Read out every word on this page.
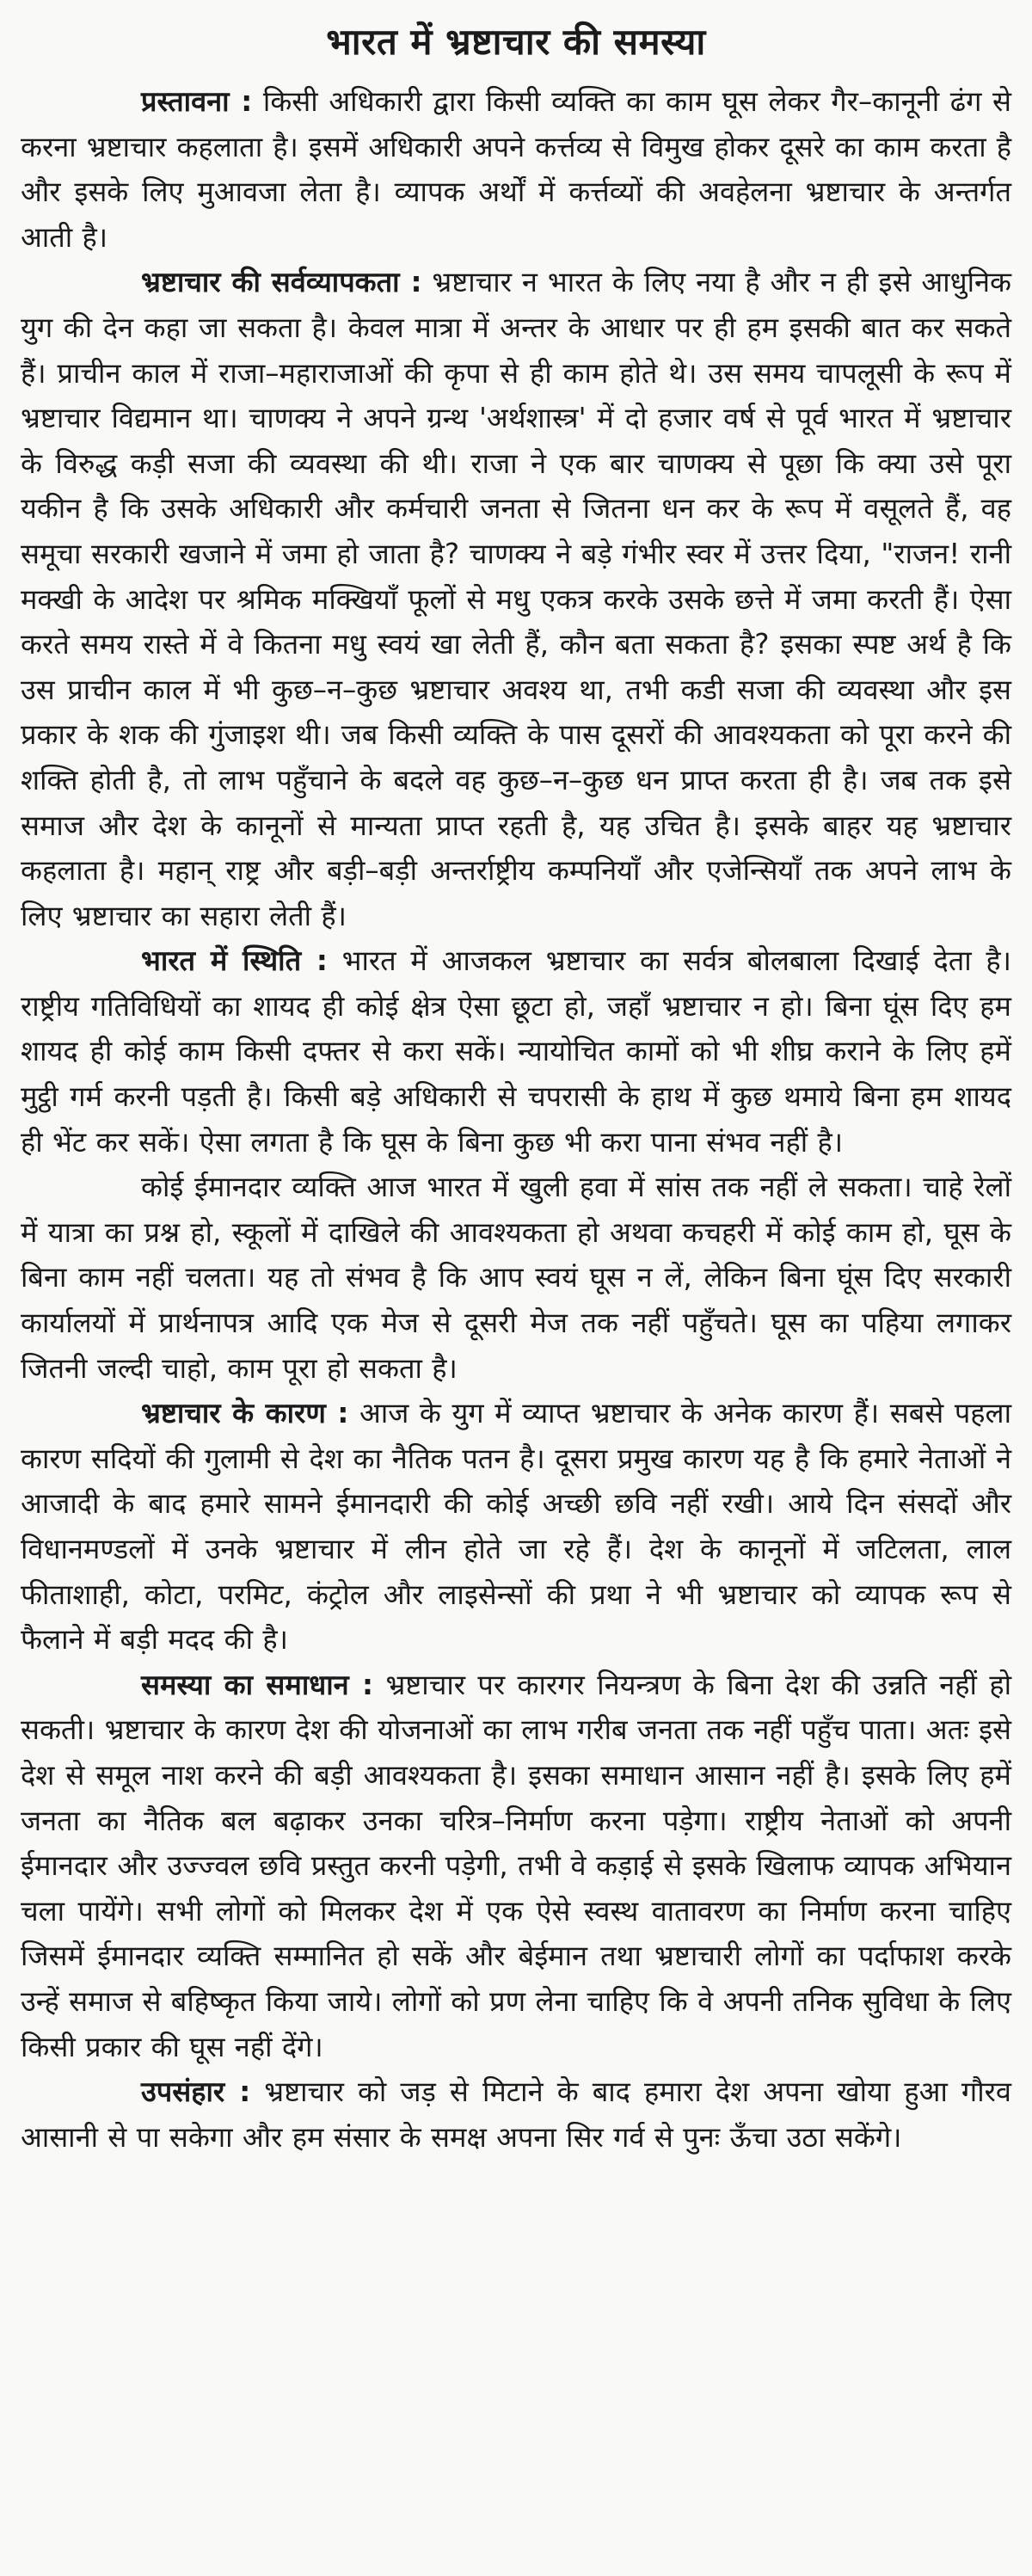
भारत में भ्रष्टाचार की समस्या

प्रस्तावना : किसी अधिकारी द्वारा किसी व्यक्ति का काम घूस लेकर गैर–कानूनी ढंग से करना भ्रष्टाचार कहलाता है। इसमें अधिकारी अपने कर्त्तव्य से विमुख होकर दूसरे का काम करता है और इसके लिए मुआवजा लेता है। व्यापक अर्थों में कर्त्तव्यों की अवहेलना भ्रष्टाचार के अन्तर्गत आती है।

भ्रष्टाचार की सर्वव्यापकता : भ्रष्टाचार न भारत के लिए नया है और न ही इसे आधुनिक युग की देन कहा जा सकता है। केवल मात्रा में अन्तर के आधार पर ही हम इसकी बात कर सकते हैं। प्राचीन काल में राजा–महाराजाओं की कृपा से ही काम होते थे। उस समय चापलूसी के रूप में भ्रष्टाचार विद्यमान था। चाणक्य ने अपने ग्रन्थ 'अर्थशास्त्र' में दो हजार वर्ष से पूर्व भारत में भ्रष्टाचार के विरुद्ध कड़ी सजा की व्यवस्था की थी। राजा ने एक बार चाणक्य से पूछा कि क्या उसे पूरा यकीन है कि उसके अधिकारी और कर्मचारी जनता से जितना धन कर के रूप में वसूलते हैं, वह समूचा सरकारी खजाने में जमा हो जाता है? चाणक्य ने बड़े गंभीर स्वर में उत्तर दिया, "राजन! रानी मक्खी के आदेश पर श्रमिक मक्खियाँ फूलों से मधु एकत्र करके उसके छत्ते में जमा करती हैं। ऐसा करते समय रास्ते में वे कितना मधु स्वयं खा लेती हैं, कौन बता सकता है? इसका स्पष्ट अर्थ है कि उस प्राचीन काल में भी कुछ–न–कुछ भ्रष्टाचार अवश्य था, तभी कडी सजा की व्यवस्था और इस प्रकार के शक की गुंजाइश थी। जब किसी व्यक्ति के पास दूसरों की आवश्यकता को पूरा करने की शक्ति होती है, तो लाभ पहुँचाने के बदले वह कुछ–न–कुछ धन प्राप्त करता ही है। जब तक इसे समाज और देश के कानूनों से मान्यता प्राप्त रहती है, यह उचित है। इसके बाहर यह भ्रष्टाचार कहलाता है। महान् राष्ट्र और बड़ी–बड़ी अन्तर्राष्ट्रीय कम्पनियाँ और एजेन्सियाँ तक अपने लाभ के लिए भ्रष्टाचार का सहारा लेती हैं।

भारत में स्थिति : भारत में आजकल भ्रष्टाचार का सर्वत्र बोलबाला दिखाई देता है। राष्ट्रीय गतिविधियों का शायद ही कोई क्षेत्र ऐसा छूटा हो, जहाँ भ्रष्टाचार न हो। बिना घूंस दिए हम शायद ही कोई काम किसी दफ्तर से करा सकें। न्यायोचित कामों को भी शीघ्र कराने के लिए हमें मुट्ठी गर्म करनी पड़ती है। किसी बड़े अधिकारी से चपरासी के हाथ में कुछ थमाये बिना हम शायद ही भेंट कर सकें। ऐसा लगता है कि घूस के बिना कुछ भी करा पाना संभव नहीं है।

कोई ईमानदार व्यक्ति आज भारत में खुली हवा में सांस तक नहीं ले सकता। चाहे रेलों में यात्रा का प्रश्न हो, स्कूलों में दाखिले की आवश्यकता हो अथवा कचहरी में कोई काम हो, घूस के बिना काम नहीं चलता। यह तो संभव है कि आप स्वयं घूस न लें, लेकिन बिना घूंस दिए सरकारी कार्यालयों में प्रार्थनापत्र आदि एक मेज से दूसरी मेज तक नहीं पहुँचते। घूस का पहिया लगाकर जितनी जल्दी चाहो, काम पूरा हो सकता है।

भ्रष्टाचार के कारण : आज के युग में व्याप्त भ्रष्टाचार के अनेक कारण हैं। सबसे पहला कारण सदियों की गुलामी से देश का नैतिक पतन है। दूसरा प्रमुख कारण यह है कि हमारे नेताओं ने आजादी के बाद हमारे सामने ईमानदारी की कोई अच्छी छवि नहीं रखी। आये दिन संसदों और विधानमण्डलों में उनके भ्रष्टाचार में लीन होते जा रहे हैं। देश के कानूनों में जटिलता, लाल फीताशाही, कोटा, परमिट, कंट्रोल और लाइसेन्सों की प्रथा ने भी भ्रष्टाचार को व्यापक रूप से फैलाने में बड़ी मदद की है।

समस्या का समाधान : भ्रष्टाचार पर कारगर नियन्त्रण के बिना देश की उन्नति नहीं हो सकती। भ्रष्टाचार के कारण देश की योजनाओं का लाभ गरीब जनता तक नहीं पहुँच पाता। अतः इसे देश से समूल नाश करने की बड़ी आवश्यकता है। इसका समाधान आसान नहीं है। इसके लिए हमें जनता का नैतिक बल बढ़ाकर उनका चरित्र–निर्माण करना पड़ेगा। राष्ट्रीय नेताओं को अपनी ईमानदार और उज्ज्वल छवि प्रस्तुत करनी पड़ेगी, तभी वे कड़ाई से इसके खिलाफ व्यापक अभियान चला पायेंगे। सभी लोगों को मिलकर देश में एक ऐसे स्वस्थ वातावरण का निर्माण करना चाहिए जिसमें ईमानदार व्यक्ति सम्मानित हो सकें और बेईमान तथा भ्रष्टाचारी लोगों का पर्दाफाश करके उन्हें समाज से बहिष्कृत किया जाये। लोगों को प्रण लेना चाहिए कि वे अपनी तनिक सुविधा के लिए किसी प्रकार की घूस नहीं देंगे।

उपसंहार : भ्रष्टाचार को जड़ से मिटाने के बाद हमारा देश अपना खोया हुआ गौरव आसानी से पा सकेगा और हम संसार के समक्ष अपना सिर गर्व से पुनः ऊँचा उठा सकेंगे।
